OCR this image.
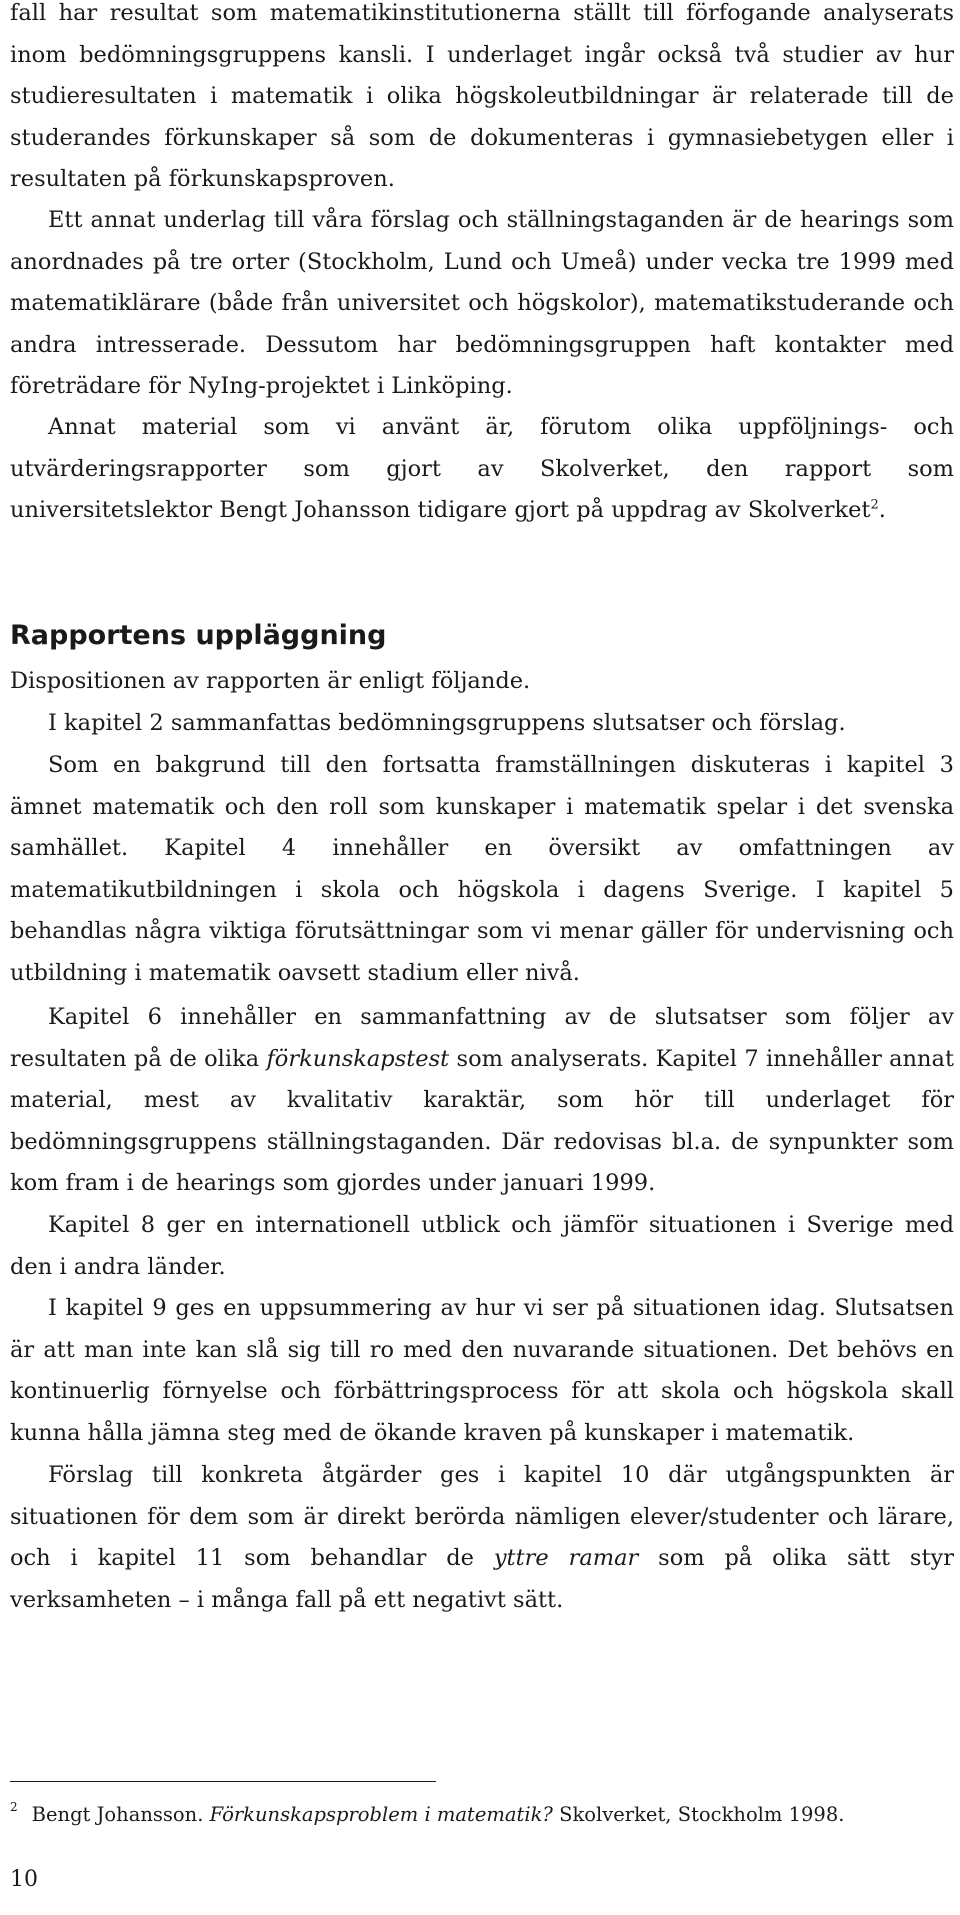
fall har resultat som matematikinstitutionerna ställt till förfogande analyserats inom bedömningsgruppens kansli. I underlaget ingår också två studier av hur studieresultaten i matematik i olika högskoleutbildningar är relaterade till de studerandes förkunskaper så som de dokumenteras i gymnasiebetygen eller i resultaten på förkunskapsproven.

Ett annat underlag till våra förslag och ställningstaganden är de hearings som anordnades på tre orter (Stockholm, Lund och Umeå) under vecka tre 1999 med matematiklärare (både från universitet och högskolor), matematikstuderande och andra intresserade. Dessutom har bedömningsgruppen haft kontakter med företrädare för NyIng-projektet i Linköping.

Annat material som vi använt är, förutom olika uppföljnings- och utvärderingsrapporter som gjort av Skolverket, den rapport som universitetslektor Bengt Johansson tidigare gjort på uppdrag av Skolverket$^2$.

Rapportens uppläggning

Dispositionen av rapporten är enligt följande.

I kapitel 2 sammanfattas bedömningsgruppens slutsatser och förslag.

Som en bakgrund till den fortsatta framställningen diskuteras i kapitel 3 ämnet matematik och den roll som kunskaper i matematik spelar i det svenska samhället. Kapitel 4 innehåller en översikt av omfattningen av matematikutbildningen i skola och högskola i dagens Sverige. I kapitel 5 behandlas några viktiga förutsättningar som vi menar gäller för undervisning och utbildning i matematik oavsett stadium eller nivå.

Kapitel 6 innehåller en sammanfattning av de slutsatser som följer av resultaten på de olika förkunskapstest som analyserats. Kapitel 7 innehåller annat material, mest av kvalitativ karaktär, som hör till underlaget för bedömningsgruppens ställningstaganden. Där redovisas bl.a. de synpunkter som kom fram i de hearings som gjordes under januari 1999.

Kapitel 8 ger en internationell utblick och jämför situationen i Sverige med den i andra länder.

I kapitel 9 ges en uppsummering av hur vi ser på situationen idag. Slutsatsen är att man inte kan slå sig till ro med den nuvarande situationen. Det behövs en kontinuerlig förnyelse och förbättringsprocess för att skola och högskola skall kunna hålla jämna steg med de ökande kraven på kunskaper i matematik.

Förslag till konkreta åtgärder ges i kapitel 10 där utgångspunkten är situationen för dem som är direkt berörda nämligen elever/studenter och lärare, och i kapitel 11 som behandlar de yttre ramar som på olika sätt styr verksamheten – i många fall på ett negativt sätt.

$^2$ Bengt Johansson. Förkunskapsproblem i matematik? Skolverket, Stockholm 1998.

10
